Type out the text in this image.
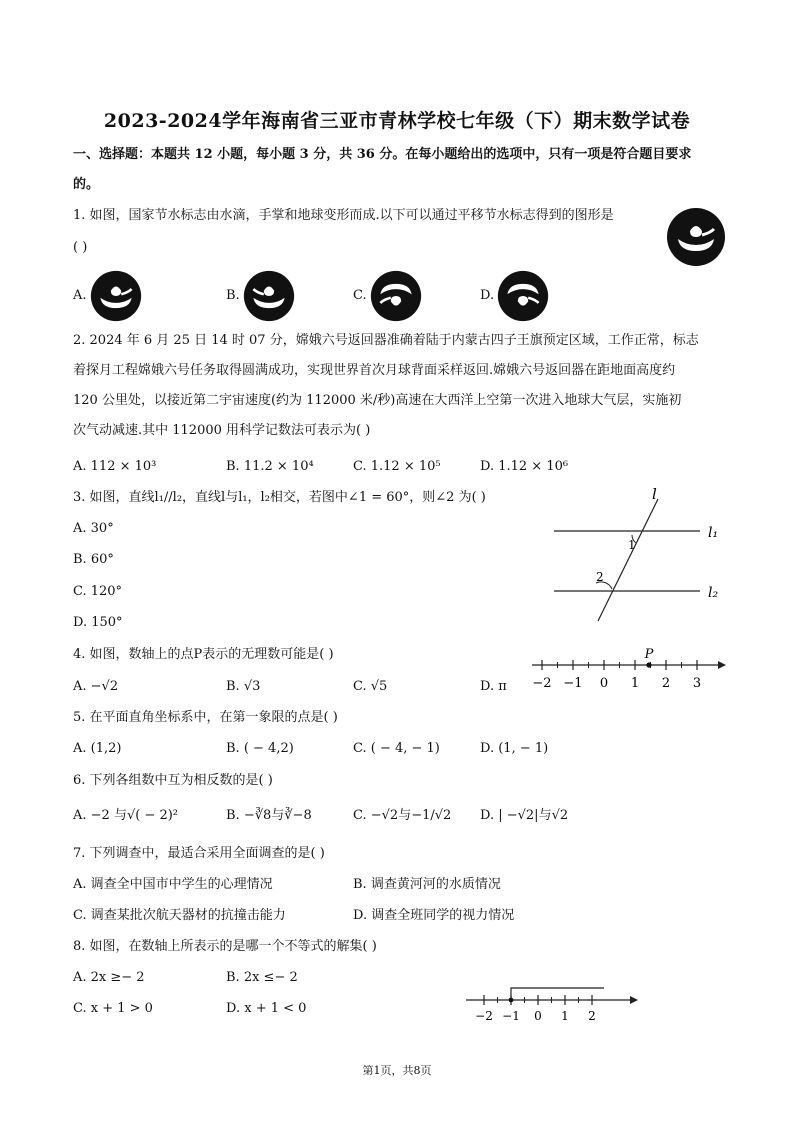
2023-2024学年海南省三亚市青林学校七年级（下）期末数学试卷
一、选择题：本题共 12 小题，每小题 3 分，共 36 分。在每小题给出的选项中，只有一项是符合题目要求
的。
1. 如图，国家节水标志由水滴，手掌和地球变形而成.以下可以通过平移节水标志得到的图形是
( )
A.	B.	C.	D.
2. 2024 年 6 月 25 日 14 时 07 分，嫦娥六号返回器准确着陆于内蒙古四子王旗预定区域，工作正常，标志
着探月工程嫦娥六号任务取得圆满成功，实现世界首次月球背面采样返回.嫦娥六号返回器在距地面高度约
120 公里处，以接近第二宇宙速度(约为 112000 米/秒)高速在大西洋上空第一次进入地球大气层，实施初
次气动减速.其中 112000 用科学记数法可表示为( )
A. 112 × 10³	B. 11.2 × 10⁴	C. 1.12 × 10⁵	D. 1.12 × 10⁶
3. 如图，直线l₁//l₂，直线l与l₁，l₂相交，若图中∠1 = 60°，则∠2 为( )
A. 30°
B. 60°
C. 120°
D. 150°
l
l₁
l₂
1
2
4. 如图，数轴上的点P表示的无理数可能是( )
A. −√2	B. √3	C. √5	D. π −2 −1 0 1 2 3
P
5. 在平面直角坐标系中，在第一象限的点是( )
A. (1,2)	B. ( − 4,2)	C. ( − 4, − 1)	D. (1, − 1)
6. 下列各组数中互为相反数的是( )
A. −2 与√( − 2)²	B. −∛8与∛−8	C. −√2与−1/√2 D. | −√2|与√2
7. 下列调查中，最适合采用全面调查的是( )
A. 调查全中国市中学生的心理情况	B. 调查黄河河的水质情况
C. 调查某批次航天器材的抗撞击能力	D. 调查全班同学的视力情况
8. 如图，在数轴上所表示的是哪一个不等式的解集( )
A. 2x ≥− 2	B. 2x ≤− 2
C. x + 1 > 0	D. x + 1 < 0	−2 −1 0 1 2
第1页，共8页
